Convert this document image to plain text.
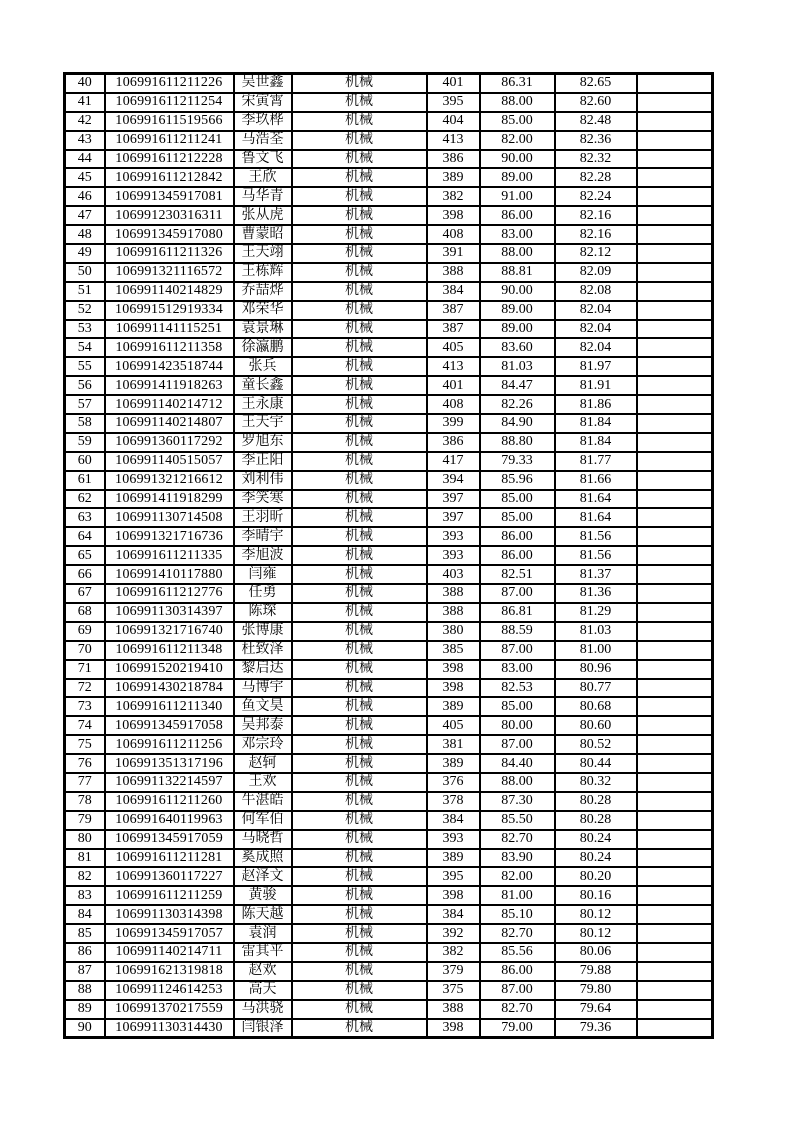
40	106991611211226	吴世鑫	机械	401	86.31	82.65	
41	106991611211254	宋寅霄	机械	395	88.00	82.60	
42	106991611519566	李玖桦	机械	404	85.00	82.48	
43	106991611211241	马浩荃	机械	413	82.00	82.36	
44	106991611212228	鲁文飞	机械	386	90.00	82.32	
45	106991611212842	王欣	机械	389	89.00	82.28	
46	106991345917081	马华青	机械	382	91.00	82.24	
47	106991230316311	张从虎	机械	398	86.00	82.16	
48	106991345917080	曹蒙昭	机械	408	83.00	82.16	
49	106991611211326	王天翊	机械	391	88.00	82.12	
50	106991321116572	王栋辉	机械	388	88.81	82.09	
51	106991140214829	乔喆烨	机械	384	90.00	82.08	
52	106991512919334	邓荣华	机械	387	89.00	82.04	
53	106991141115251	袁景琳	机械	387	89.00	82.04	
54	106991611211358	徐瀛鹏	机械	405	83.60	82.04	
55	106991423518744	张兵	机械	413	81.03	81.97	
56	106991411918263	童长鑫	机械	401	84.47	81.91	
57	106991140214712	王永康	机械	408	82.26	81.86	
58	106991140214807	王天宇	机械	399	84.90	81.84	
59	106991360117292	罗旭东	机械	386	88.80	81.84	
60	106991140515057	李正阳	机械	417	79.33	81.77	
61	106991321216612	刘利伟	机械	394	85.96	81.66	
62	106991411918299	李笑寒	机械	397	85.00	81.64	
63	106991130714508	王羽昕	机械	397	85.00	81.64	
64	106991321716736	李晴宇	机械	393	86.00	81.56	
65	106991611211335	李旭波	机械	393	86.00	81.56	
66	106991410117880	闫雍	机械	403	82.51	81.37	
67	106991611212776	任勇	机械	388	87.00	81.36	
68	106991130314397	陈琛	机械	388	86.81	81.29	
69	106991321716740	张博康	机械	380	88.59	81.03	
70	106991611211348	杜致泽	机械	385	87.00	81.00	
71	106991520219410	黎启达	机械	398	83.00	80.96	
72	106991430218784	马博宇	机械	398	82.53	80.77	
73	106991611211340	鱼文昊	机械	389	85.00	80.68	
74	106991345917058	吴邦泰	机械	405	80.00	80.60	
75	106991611211256	邓宗玲	机械	381	87.00	80.52	
76	106991351317196	赵轲	机械	389	84.40	80.44	
77	106991132214597	王欢	机械	376	88.00	80.32	
78	106991611211260	牛湛皓	机械	378	87.30	80.28	
79	106991640119963	何军伯	机械	384	85.50	80.28	
80	106991345917059	马晓哲	机械	393	82.70	80.24	
81	106991611211281	奚成照	机械	389	83.90	80.24	
82	106991360117227	赵泽文	机械	395	82.00	80.20	
83	106991611211259	黄骏	机械	398	81.00	80.16	
84	106991130314398	陈天越	机械	384	85.10	80.12	
85	106991345917057	袁润	机械	392	82.70	80.12	
86	106991140214711	雷其平	机械	382	85.56	80.06	
87	106991621319818	赵欢	机械	379	86.00	79.88	
88	106991124614253	高天	机械	375	87.00	79.80	
89	106991370217559	马洪骁	机械	388	82.70	79.64	
90	106991130314430	闫银泽	机械	398	79.00	79.36	
